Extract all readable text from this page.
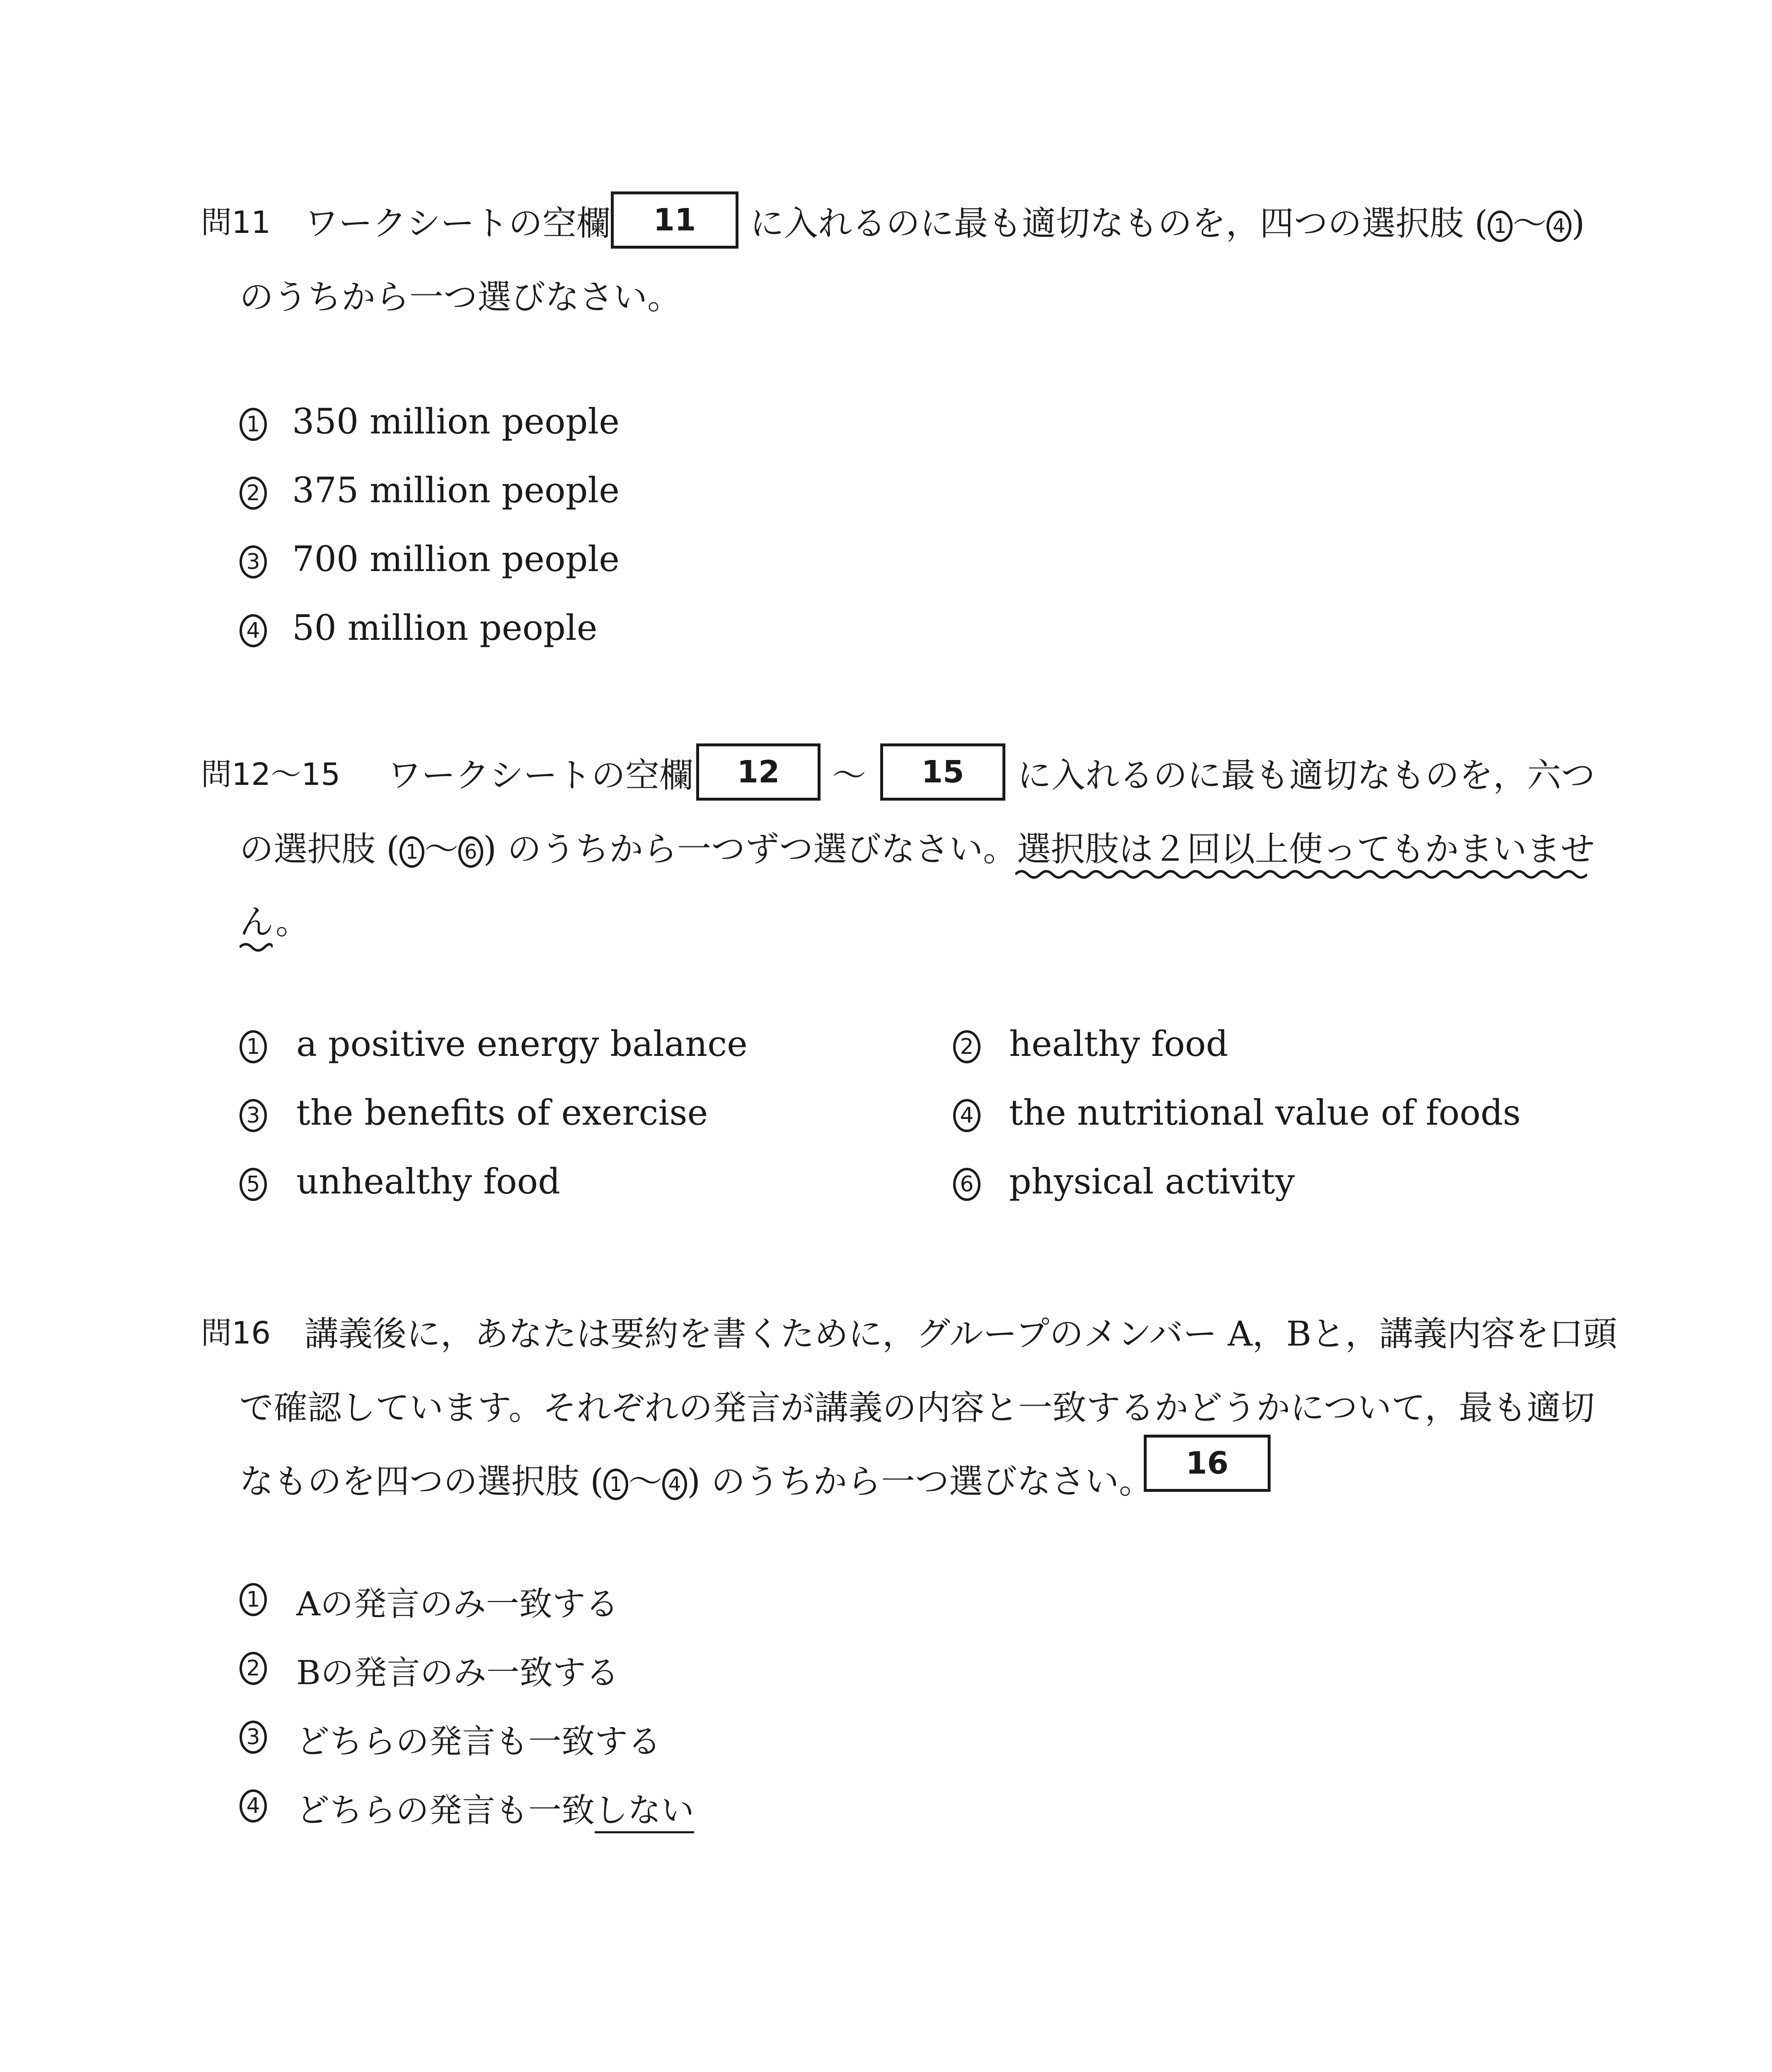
問11 ワークシートの空欄	11	に入れるのに最も適切なものを，四つの選択肢 ( 1 ～ 4 )
のうちから一つ選びなさい。
1 350 million people
2 375 million people
3 700 million people
4 50 million people
問12～15 ワークシートの空欄	12	～	15	に入れるのに最も適切なものを，六つ
の選択肢 ( 1 ～ 6 ) のうちから一つずつ選びなさい。選択肢は２回以上使ってもかまいませ
ん。
1 a positive energy balance	2 healthy food
3 the benefits of exercise	4 the nutritional value of foods
5 unhealthy food	6 physical activity
問16 講義後に，あなたは要約を書くために，グループのメンバー A，Bと，講義内容を口頭
で確認しています。それぞれの発言が講義の内容と一致するかどうかについて，最も適切
なものを四つの選択肢 ( 1 ～ 4 ) のうちから一つ選びなさい。	16
1 Aの発言のみ一致する
2 Bの発言のみ一致する
3 どちらの発言も一致する
4 どちらの発言も一致しない
